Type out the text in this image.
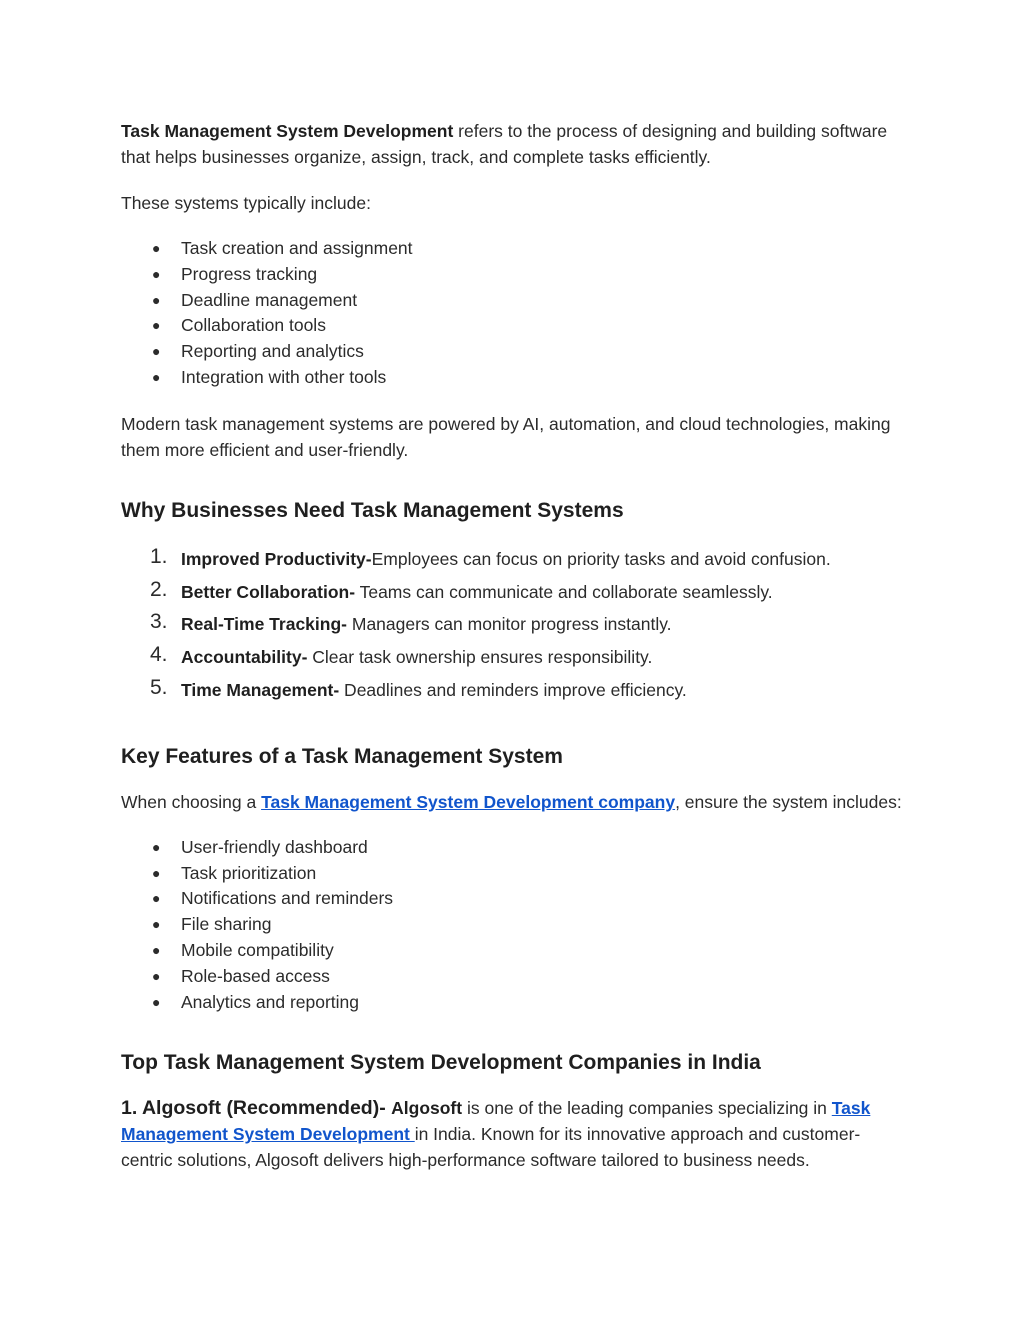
Task Management System Development refers to the process of designing and building software that helps businesses organize, assign, track, and complete tasks efficiently.

These systems typically include:

● Task creation and assignment
● Progress tracking
● Deadline management
● Collaboration tools
● Reporting and analytics
● Integration with other tools

Modern task management systems are powered by AI, automation, and cloud technologies, making them more efficient and user-friendly.

Why Businesses Need Task Management Systems
1. Improved Productivity-Employees can focus on priority tasks and avoid confusion.
2. Better Collaboration- Teams can communicate and collaborate seamlessly.
3. Real-Time Tracking- Managers can monitor progress instantly.
4. Accountability- Clear task ownership ensures responsibility.
5. Time Management- Deadlines and reminders improve efficiency.
Key Features of a Task Management System

When choosing a Task Management System Development company, ensure the system includes:

● User-friendly dashboard
● Task prioritization
● Notifications and reminders
● File sharing
● Mobile compatibility
● Role-based access
● Analytics and reporting
Top Task Management System Development Companies in India

1. Algosoft (Recommended)- Algosoft is one of the leading companies specializing in Task Management System Development in India. Known for its innovative approach and customer-centric solutions, Algosoft delivers high-performance software tailored to business needs.
